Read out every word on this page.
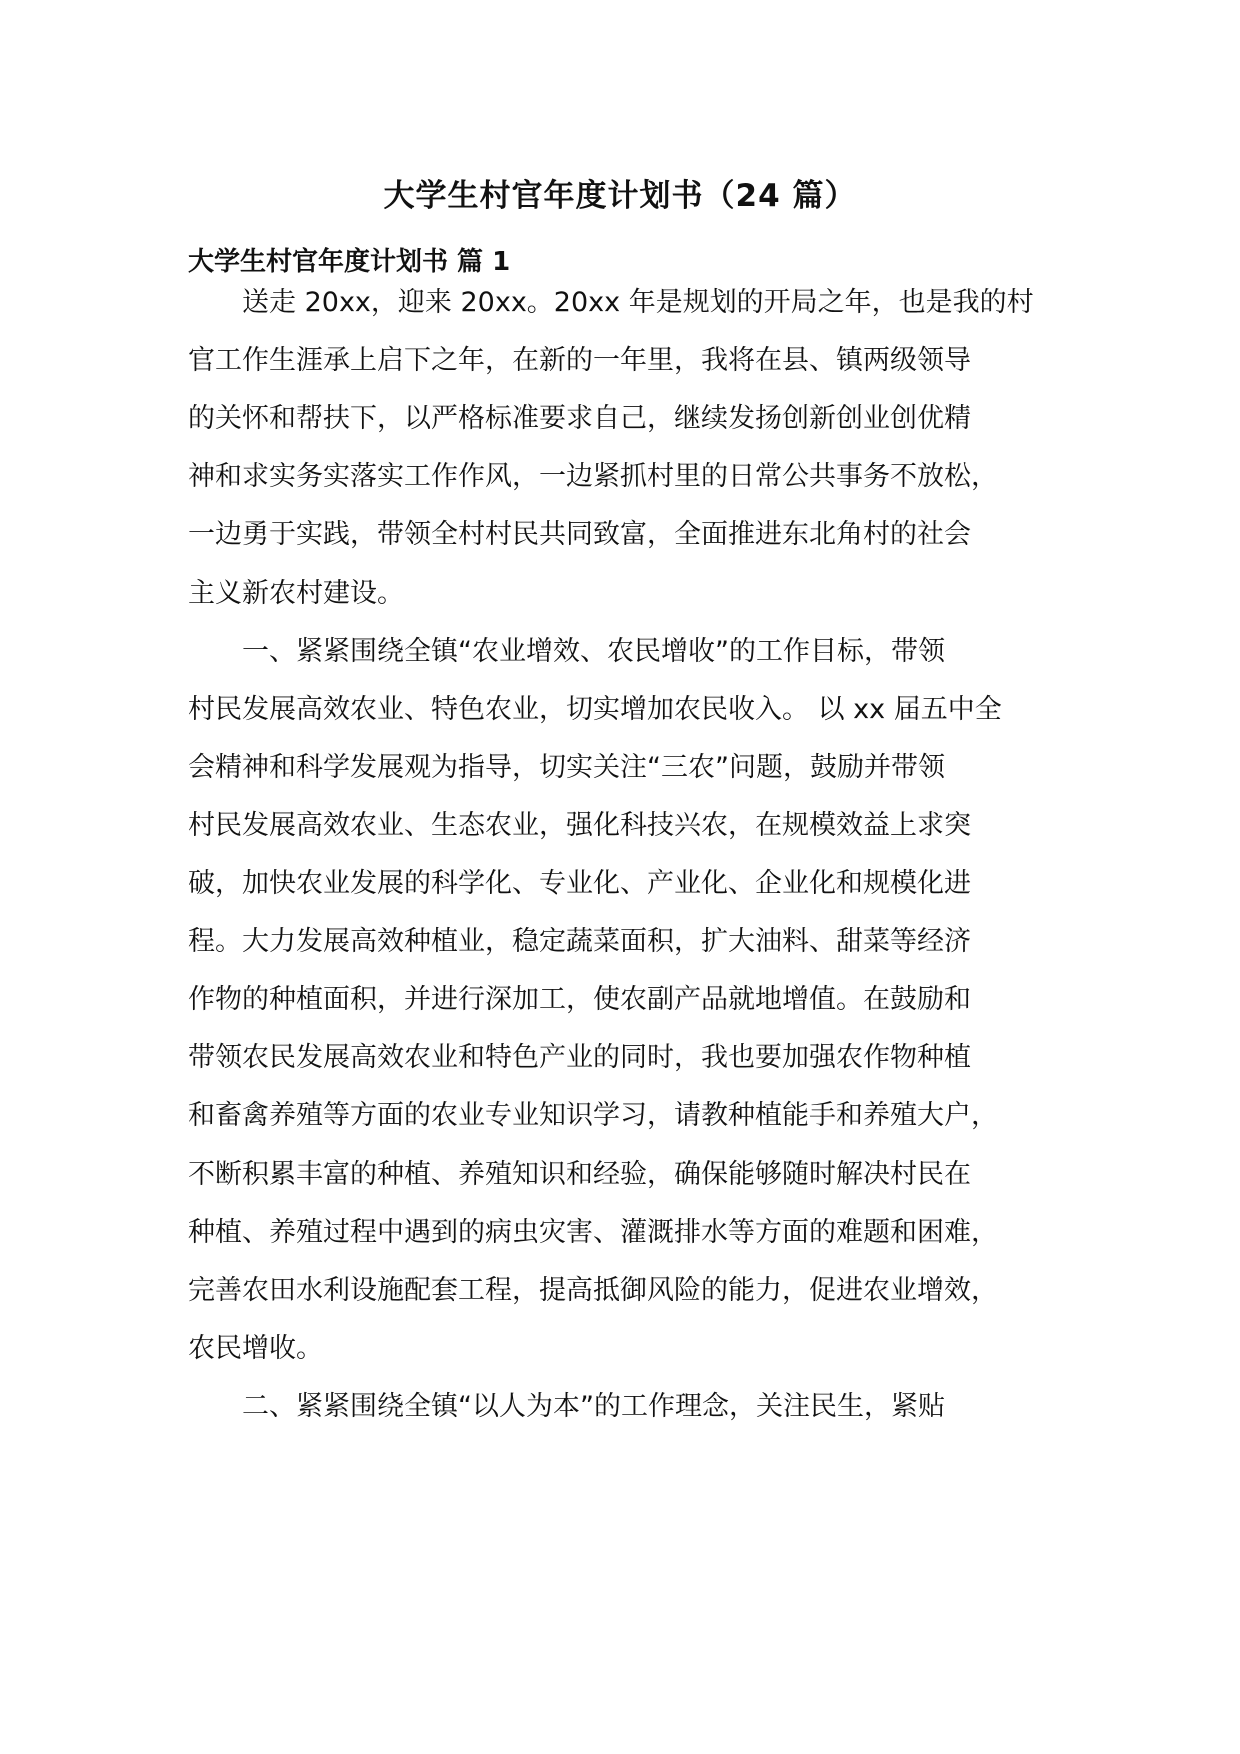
大学生村官年度计划书（24 篇）
大学生村官年度计划书 篇 1

　　送走 20xx，迎来 20xx。20xx 年是规划的开局之年，也是我的村

官工作生涯承上启下之年，在新的一年里，我将在县、镇两级领导

的关怀和帮扶下，以严格标准要求自己，继续发扬创新创业创优精

神和求实务实落实工作作风，一边紧抓村里的日常公共事务不放松，

一边勇于实践，带领全村村民共同致富，全面推进东北角村的社会

主义新农村建设。

　　一、紧紧围绕全镇“农业增效、农民增收”的工作目标，带领

村民发展高效农业、特色农业，切实增加农民收入。 以 xx 届五中全

会精神和科学发展观为指导，切实关注“三农”问题，鼓励并带领

村民发展高效农业、生态农业，强化科技兴农，在规模效益上求突

破，加快农业发展的科学化、专业化、产业化、企业化和规模化进

程。大力发展高效种植业，稳定蔬菜面积，扩大油料、甜菜等经济

作物的种植面积，并进行深加工，使农副产品就地增值。在鼓励和

带领农民发展高效农业和特色产业的同时，我也要加强农作物种植

和畜禽养殖等方面的农业专业知识学习，请教种植能手和养殖大户，

不断积累丰富的种植、养殖知识和经验，确保能够随时解决村民在

种植、养殖过程中遇到的病虫灾害、灌溉排水等方面的难题和困难，

完善农田水利设施配套工程，提高抵御风险的能力，促进农业增效，

农民增收。

　　二、紧紧围绕全镇“以人为本”的工作理念，关注民生，紧贴
